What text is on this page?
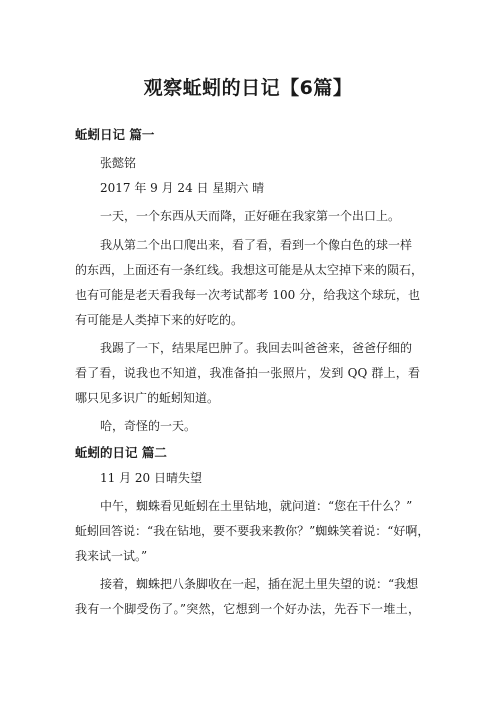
观察蚯蚓的日记【6篇】
蚯蚓日记 篇一
张懿铭
2017 年 9 月 24 日 星期六 晴
一天，一个东西从天而降，正好砸在我家第一个出口上。
我从第二个出口爬出来，看了看，看到一个像白色的球一样
的东西，上面还有一条红线。我想这可能是从太空掉下来的陨石，
也有可能是老天看我每一次考试都考 100 分，给我这个球玩，也
有可能是人类掉下来的好吃的。
我踢了一下，结果尾巴肿了。我回去叫爸爸来，爸爸仔细的
看了看，说我也不知道，我准备拍一张照片，发到 QQ 群上，看
哪只见多识广的蚯蚓知道。
哈，奇怪的一天。
蚯蚓的日记 篇二
11 月 20 日晴失望
中午，蜘蛛看见蚯蚓在土里钻地，就问道：“您在干什么？”
蚯蚓回答说：“我在钻地，要不要我来教你？”蜘蛛笑着说：“好啊，
我来试一试。”
接着，蜘蛛把八条脚收在一起，插在泥土里失望的说：“我想
我有一个脚受伤了。”突然，它想到一个好办法，先吞下一堆土，
